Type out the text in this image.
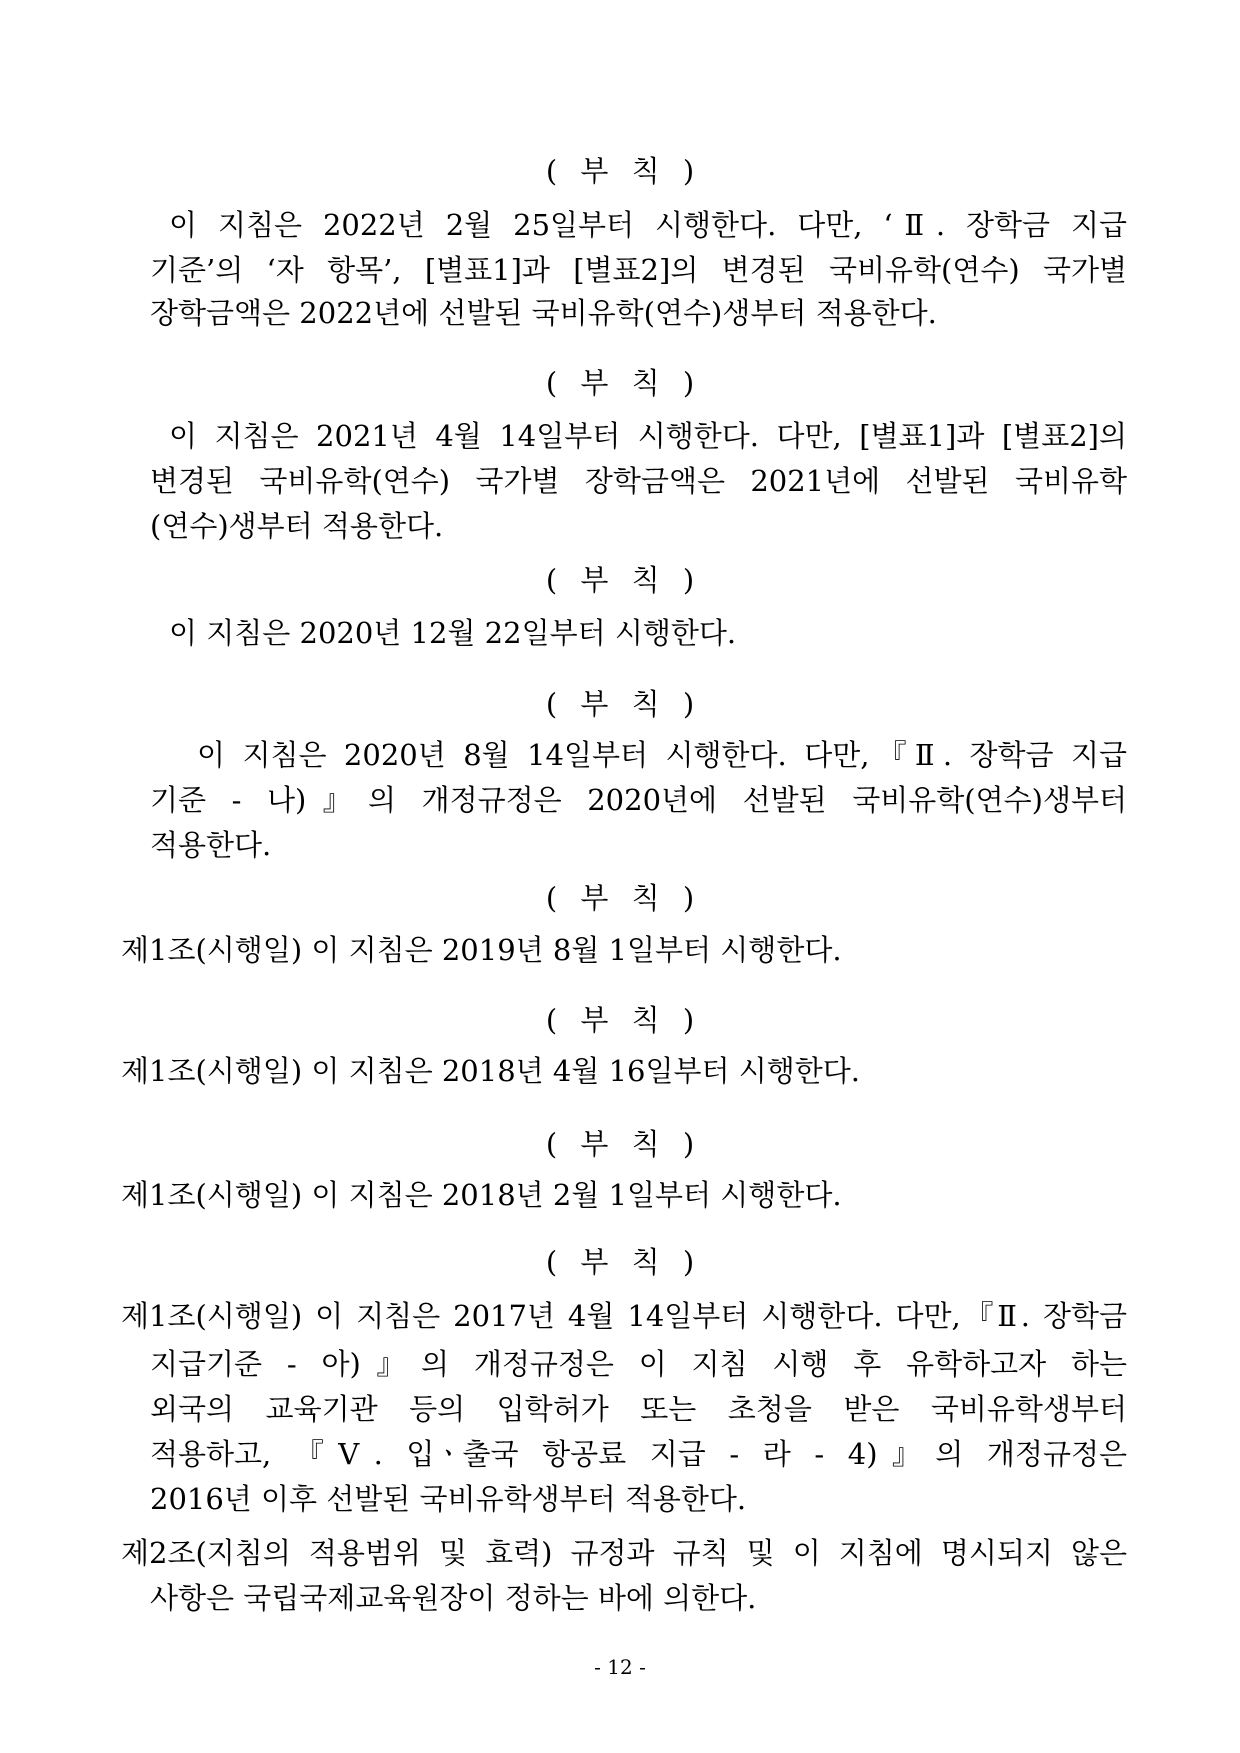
( 부 칙 )
이 지침은 2022년 2월 25일부터 시행한다. 다만, ‘Ⅱ. 장학금 지급
기준’의 ‘자 항목’, [별표1]과 [별표2]의 변경된 국비유학(연수) 국가별
장학금액은 2022년에 선발된 국비유학(연수)생부터 적용한다.
( 부 칙 )
이 지침은 2021년 4월 14일부터 시행한다. 다만, [별표1]과 [별표2]의
변경된 국비유학(연수) 국가별 장학금액은 2021년에 선발된 국비유학
(연수)생부터 적용한다.
( 부 칙 )
이 지침은 2020년 12월 22일부터 시행한다.
( 부 칙 )
이 지침은 2020년 8월 14일부터 시행한다. 다만,『Ⅱ. 장학금 지급
기준 - 나)』의 개정규정은 2020년에 선발된 국비유학(연수)생부터
적용한다.
( 부 칙 )
제1조(시행일) 이 지침은 2019년 8월 1일부터 시행한다.
( 부 칙 )
제1조(시행일) 이 지침은 2018년 4월 16일부터 시행한다.
( 부 칙 )
제1조(시행일) 이 지침은 2018년 2월 1일부터 시행한다.
( 부 칙 )
제1조(시행일) 이 지침은 2017년 4월 14일부터 시행한다. 다만,『Ⅱ. 장학금
지급기준 - 아)』의 개정규정은 이 지침 시행 후 유학하고자 하는
외국의 교육기관 등의 입학허가 또는 초청을 받은 국비유학생부터
적용하고, 『Ⅴ. 입ㆍ출국 항공료 지급 - 라 - 4)』의 개정규정은
2016년 이후 선발된 국비유학생부터 적용한다.
제2조(지침의 적용범위 및 효력) 규정과 규칙 및 이 지침에 명시되지 않은
사항은 국립국제교육원장이 정하는 바에 의한다.
- 12 -
